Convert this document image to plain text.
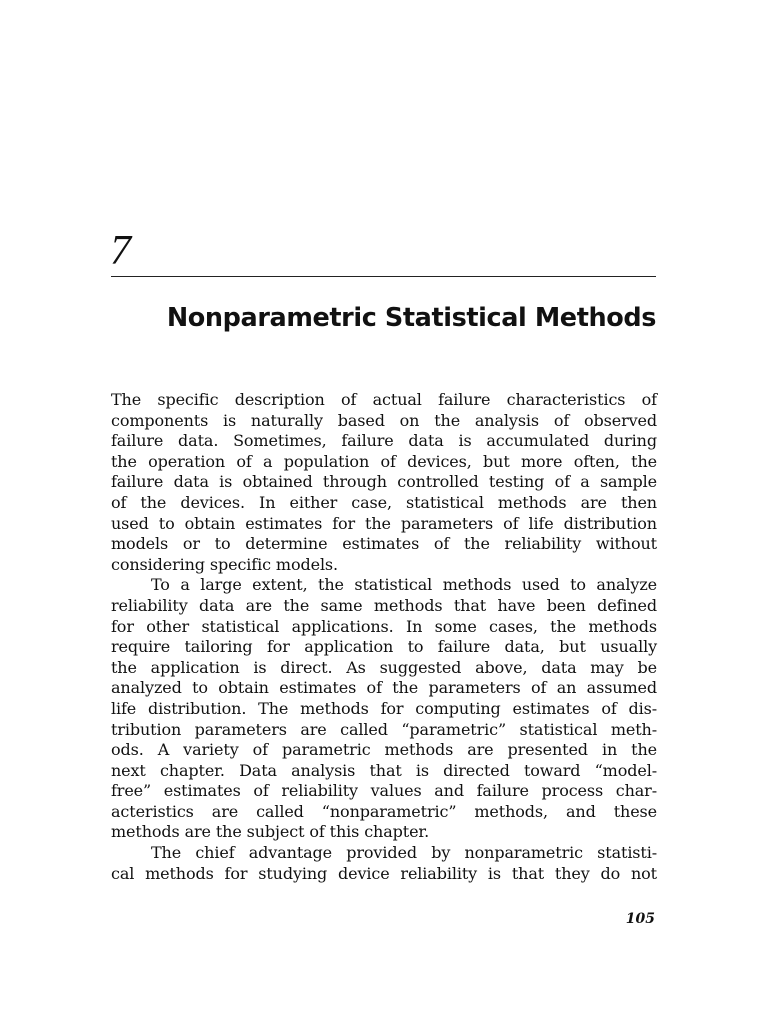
7
Nonparametric Statistical Methods
The specific description of actual failure characteristics of
components is naturally based on the analysis of observed
failure data. Sometimes, failure data is accumulated during
the operation of a population of devices, but more often, the
failure data is obtained through controlled testing of a sample
of the devices. In either case, statistical methods are then
used to obtain estimates for the parameters of life distribution
models or to determine estimates of the reliability without
considering specific models.
To a large extent, the statistical methods used to analyze
reliability data are the same methods that have been defined
for other statistical applications. In some cases, the methods
require tailoring for application to failure data, but usually
the application is direct. As suggested above, data may be
analyzed to obtain estimates of the parameters of an assumed
life distribution. The methods for computing estimates of dis-
tribution parameters are called “parametric” statistical meth-
ods. A variety of parametric methods are presented in the
next chapter. Data analysis that is directed toward “model-
free” estimates of reliability values and failure process char-
acteristics are called “nonparametric” methods, and these
methods are the subject of this chapter.
The chief advantage provided by nonparametric statisti-
cal methods for studying device reliability is that they do not
105
